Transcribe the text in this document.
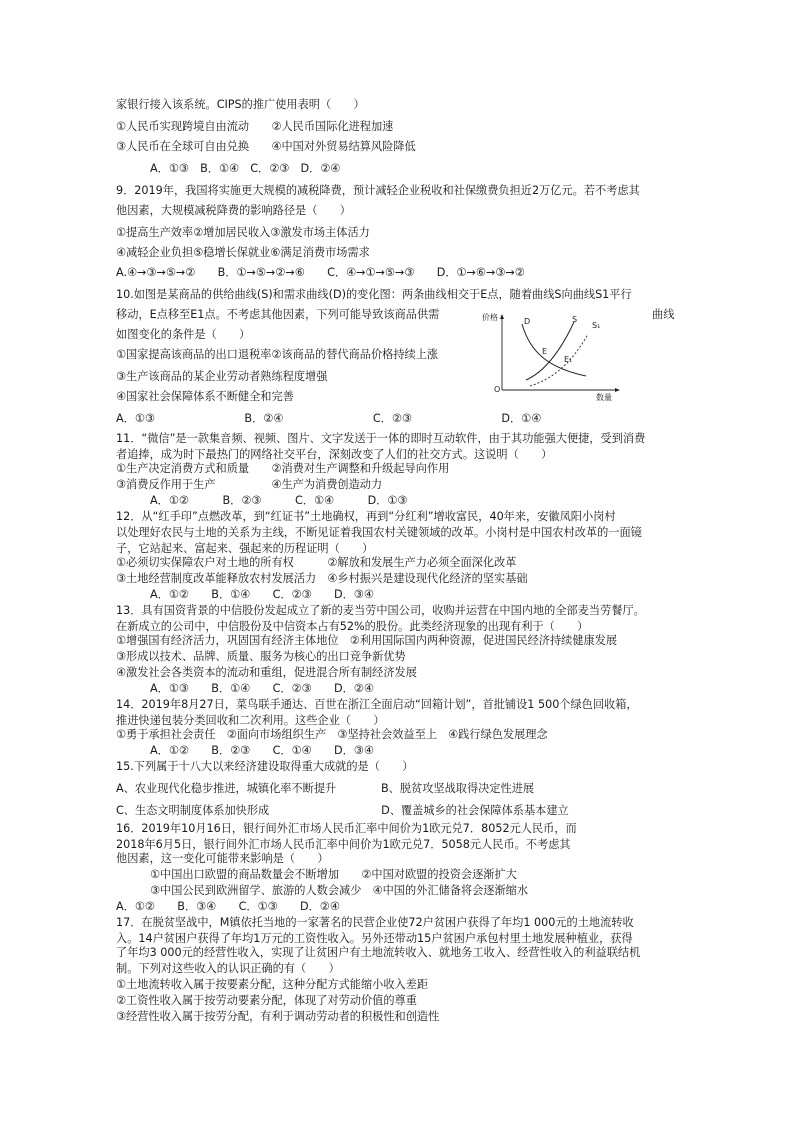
家银行接入该系统。CIPS的推广使用表明（　　）
①人民币实现跨境自由流动　　②人民币国际化进程加速
③人民币在全球可自由兑换　　④中国对外贸易结算风险降低
A．①③　B．①④　C．②③　D．②④
9．2019年，我国将实施更大规模的减税降费，预计减轻企业税收和社保缴费负担近2万亿元。若不考虑其
他因素，大规模减税降费的影响路径是（　　）
①提高生产效率②增加居民收入③激发市场主体活力
④减轻企业负担⑤稳增长保就业⑥满足消费市场需求
A.④→③→⑤→②　　B．①→⑤→②→⑥　　C．④→①→⑤→③　　D．①→⑥→③→②
10.如图是某商品的供给曲线(S)和需求曲线(D)的变化图：两条曲线相交于E点，随着曲线S向曲线S1平行
移动，E点移至E1点。不考虑其他因素，下列可能导致该商品供需	曲线
如图变化的条件是（　　）
①国家提高该商品的出口退税率②该商品的替代商品价格持续上涨
③生产该商品的某企业劳动者熟练程度增强
④国家社会保障体系不断健全和完善
A．①③　　　　　　　　B．②④　　　　　　　　C．②③　　　　　　　　D．①④
11．“微信”是一款集音频、视频、图片、文字发送于一体的即时互动软件，由于其功能强大便捷，受到消费
者追捧，成为时下最热门的网络社交平台，深刻改变了人们的社交方式。这说明（　　）
①生产决定消费方式和质量　　②消费对生产调整和升级起导向作用
③消费反作用于生产　　　　　④生产为消费创造动力
A．①②　　　B．②③　　　C．①④　　　D．①③
12．从“红手印”点燃改革，到“红证书”土地确权，再到“分红利”增收富民，40年来，安徽凤阳小岗村
以处理好农民与土地的关系为主线，不断见证着我国农村关键领域的改革。小岗村是中国农村改革的一面镜
子，它站起来、富起来、强起来的历程证明（　　）
①必须切实保障农户对土地的所有权　　　②解放和发展生产力必须全面深化改革
③土地经营制度改革能释放农村发展活力　④乡村振兴是建设现代化经济的坚实基础
A．①②　　B．①④　　C．②③　　D．③④
13．具有国资背景的中信股份发起成立了新的麦当劳中国公司，收购并运营在中国内地的全部麦当劳餐厅。
在新成立的公司中，中信股份及中信资本占有52%的股份。此类经济现象的出现有利于（　　）
①增强国有经济活力，巩固国有经济主体地位　②利用国际国内两种资源，促进国民经济持续健康发展
③形成以技术、品牌、质量、服务为核心的出口竞争新优势
④激发社会各类资本的流动和重组，促进混合所有制经济发展
A．①③　　B．①④　　C．②③　　D．②④
14．2019年8月27日，菜鸟联手通达、百世在浙江全面启动“回箱计划”，首批铺设1 500个绿色回收箱，
推进快递包装分类回收和二次利用。这些企业（　　）
①勇于承担社会责任　②面向市场组织生产　③坚持社会效益至上　④践行绿色发展理念
A．①②　　B．②③　　C．①④　　D．③④
15.下列属于十八大以来经济建设取得重大成就的是（　　）
A、农业现代化稳步推进，城镇化率不断提升　　　　B、脱贫攻坚战取得决定性进展
C、生态文明制度体系加快形成　　　　　　　　　　D、覆盖城乡的社会保障体系基本建立
16．2019年10月16日，银行间外汇市场人民币汇率中间价为1欧元兑7．8052元人民币，而
2018年6月5日，银行间外汇市场人民币汇率中间价为1欧元兑7．5058元人民币。不考虑其
他因素，这一变化可能带来影响是（　　）
①中国出口欧盟的商品数量会不断增加　　②中国对欧盟的投资会逐渐扩大
③中国公民到欧洲留学、旅游的人数会减少　④中国的外汇储备将会逐渐缩水
A．①②　　B．③④　　C．①③　　D．②④
17．在脱贫坚战中，M镇依托当地的一家著名的民营企业使72户贫困户获得了年均1 000元的土地流转收
入。14户贫困户获得了年均1万元的工资性收入。另外还带动15户贫困户承包村里土地发展种植业，获得
了年均3 000元的经营性收入，实现了让贫困户有土地流转收入、就地务工收入、经营性收入的利益联结机
制。下列对这些收入的认识正确的有（　　）
①土地流转收入属于按要素分配，这种分配方式能缩小收入差距
②工资性收入属于按劳动要素分配，体现了对劳动价值的尊重
③经营性收入属于按劳分配，有利于调动劳动者的积极性和创造性
价格
数量
O
D	S
S₁
E
E₁
